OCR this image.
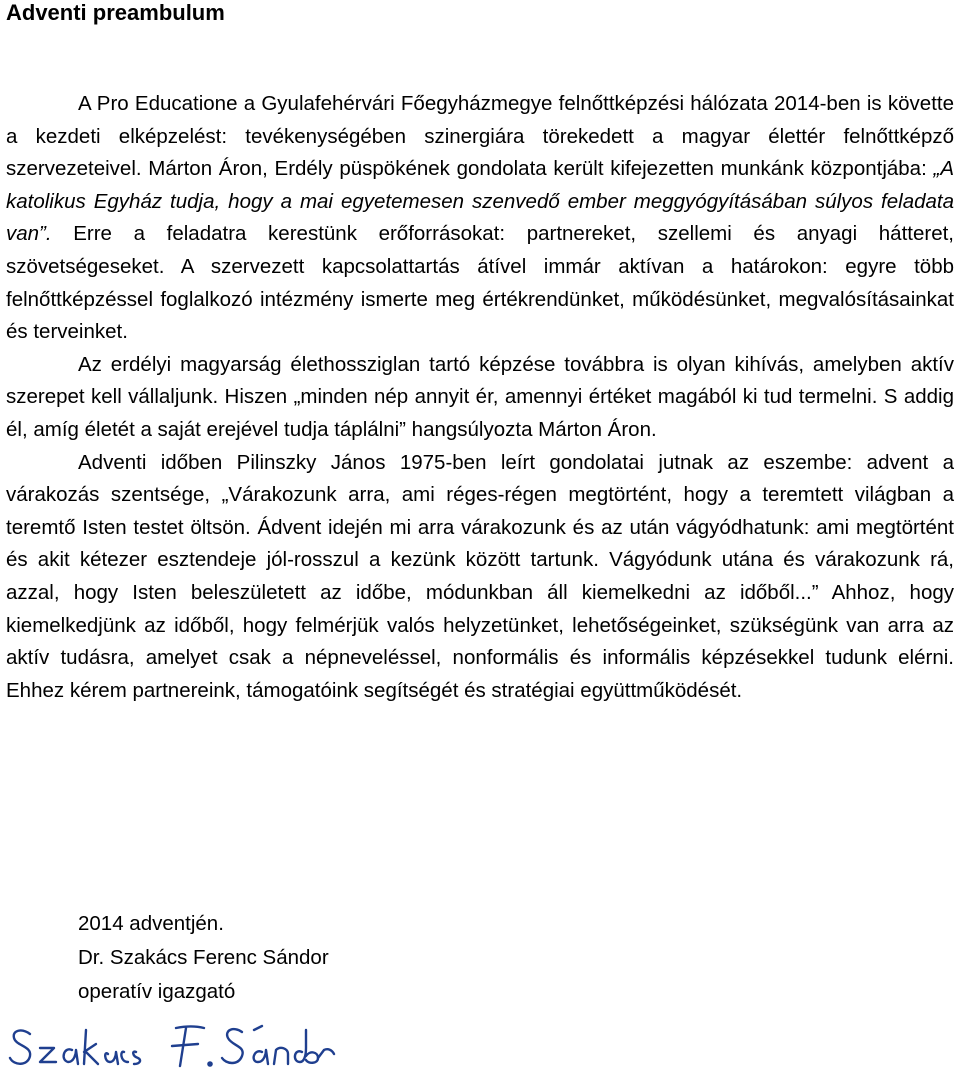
Adventi preambulum

A Pro Educatione a Gyulafehérvári Főegyházmegye felnőttképzési hálózata 2014-ben is követte a kezdeti elképzelést: tevékenységében szinergiára törekedett a magyar élettér felnőttképző szervezeteivel. Márton Áron, Erdély püspökének gondolata került kifejezetten munkánk központjába: „A katolikus Egyház tudja, hogy a mai egyetemesen szenvedő ember meggyógyításában súlyos feladata van”. Erre a feladatra kerestünk erőforrásokat: partnereket, szellemi és anyagi hátteret, szövetségeseket. A szervezett kapcsolattartás átível immár aktívan a határokon: egyre több felnőttképzéssel foglalkozó intézmény ismerte meg értékrendünket, működésünket, megvalósításainkat és terveinket.

Az erdélyi magyarság élethossziglan tartó képzése továbbra is olyan kihívás, amelyben aktív szerepet kell vállaljunk. Hiszen „minden nép annyit ér, amennyi értéket magából ki tud termelni. S addig él, amíg életét a saját erejével tudja táplálni” hangsúlyozta Márton Áron.

Adventi időben Pilinszky János 1975-ben leírt gondolatai jutnak az eszembe: advent a várakozás szentsége, „Várakozunk arra, ami réges-régen megtörtént, hogy a teremtett világban a teremtő Isten testet öltsön. Ádvent idején mi arra várakozunk és az után vágyódhatunk: ami megtörtént és akit kétezer esztendeje jól-rosszul a kezünk között tartunk. Vágyódunk utána és várakozunk rá, azzal, hogy Isten beleszületett az időbe, módunkban áll kiemelkedni az időből...” Ahhoz, hogy kiemelkedjünk az időből, hogy felmérjük valós helyzetünket, lehetőségeinket, szükségünk van arra az aktív tudásra, amelyet csak a népneveléssel, nonformális és informális képzésekkel tudunk elérni. Ehhez kérem partnereink, támogatóink segítségét és stratégiai együttműködését.

2014 adventjén.
Dr. Szakács Ferenc Sándor
operatív igazgató
